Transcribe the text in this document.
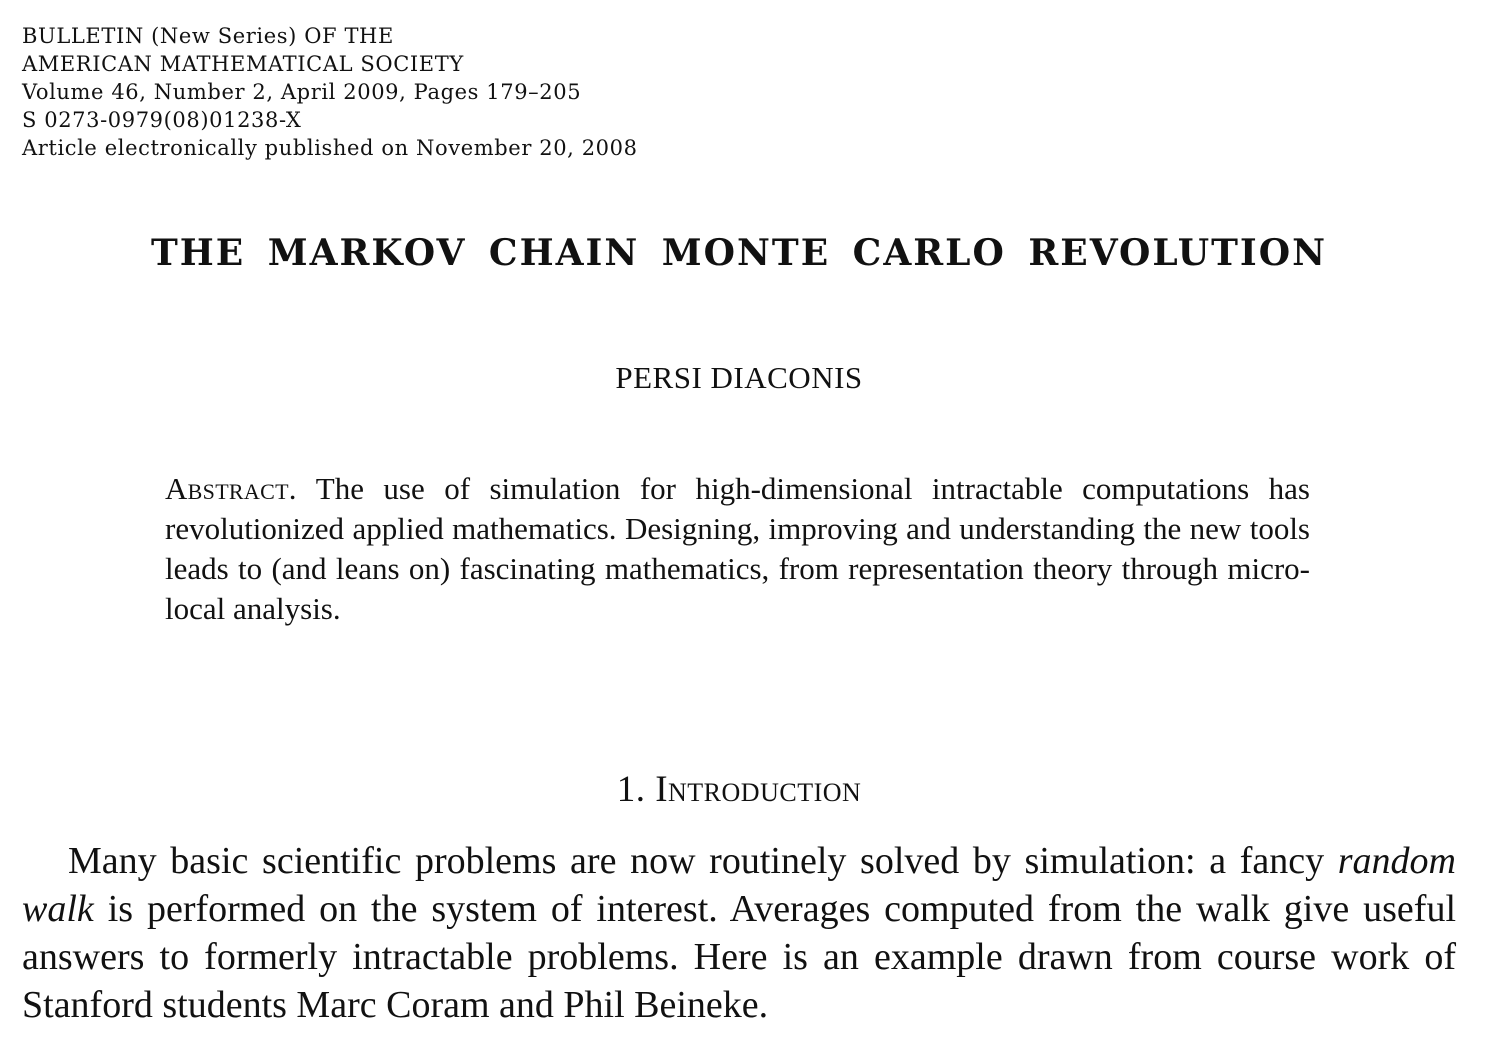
BULLETIN (New Series) OF THE
AMERICAN MATHEMATICAL SOCIETY
Volume 46, Number 2, April 2009, Pages 179–205
S 0273-0979(08)01238-X
Article electronically published on November 20, 2008
THE MARKOV CHAIN MONTE CARLO REVOLUTION
PERSI DIACONIS
Abstract. The use of simulation for high-dimensional intractable computations has revolutionized applied mathematics. Designing, improving and understanding the new tools leads to (and leans on) fascinating mathematics, from representation theory through micro-local analysis.
1. Introduction
Many basic scientific problems are now routinely solved by simulation: a fancy random walk is performed on the system of interest. Averages computed from the walk give useful answers to formerly intractable problems. Here is an example drawn from course work of Stanford students Marc Coram and Phil Beineke.
